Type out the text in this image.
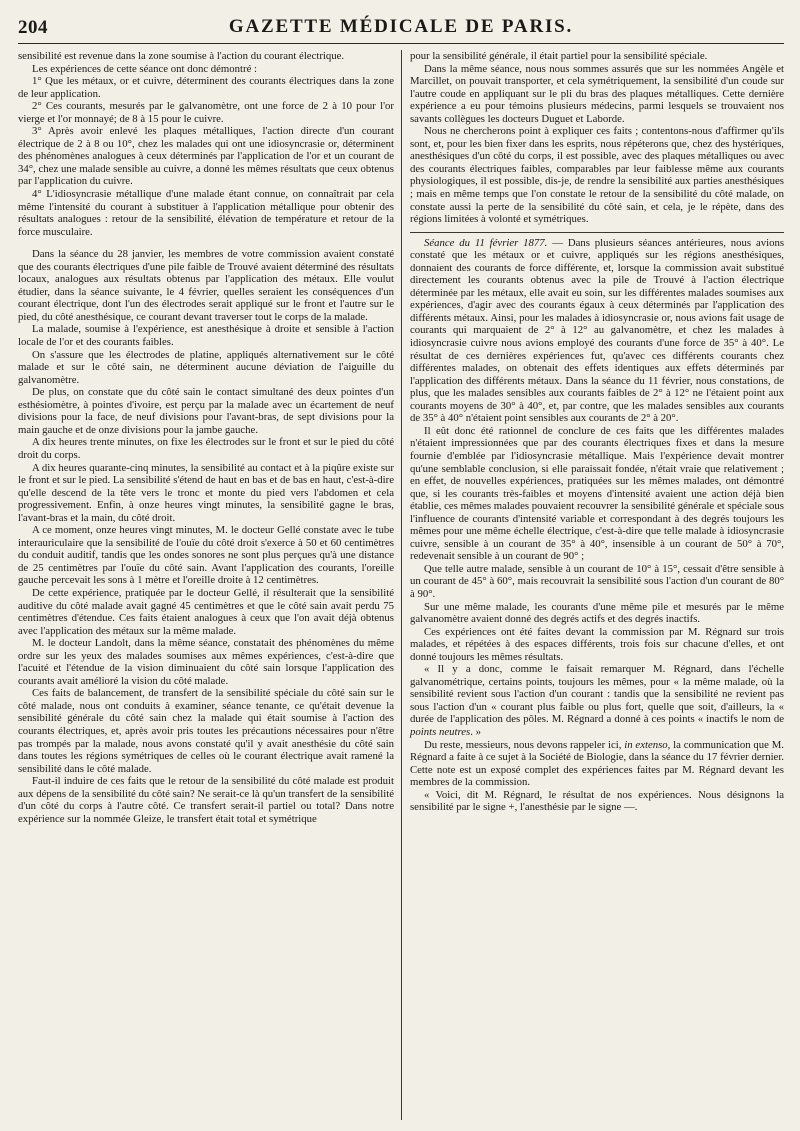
204	GAZETTE MÉDICALE DE PARIS.

sensibilité est revenue dans la zone soumise à l'action du courant électrique.

Les expériences de cette séance ont donc démontré :

1° Que les métaux, or et cuivre, déterminent des courants électriques dans la zone de leur application.

2° Ces courants, mesurés par le galvanomètre, ont une force de 2 à 10 pour l'or vierge et l'or monnayé; de 8 à 15 pour le cuivre.

3° Après avoir enlevé les plaques métalliques, l'action directe d'un courant électrique de 2 à 8 ou 10°, chez les malades qui ont une idiosyncrasie or, déterminent des phénomènes analogues à ceux déterminés par l'application de l'or et un courant de 34°, chez une malade sensible au cuivre, a donné les mêmes résultats que ceux obtenus par l'application du cuivre.

4° L'idiosyncrasie métallique d'une malade étant connue, on connaîtrait par cela même l'intensité du courant à substituer à l'application métallique pour obtenir des résultats analogues : retour de la sensibilité, élévation de température et retour de la force musculaire.

Dans la séance du 28 janvier, les membres de votre commission avaient constaté que des courants électriques d'une pile faible de Trouvé avaient déterminé des résultats locaux, analogues aux résultats obtenus par l'application des métaux. Elle voulut étudier, dans la séance suivante, le 4 février, quelles seraient les conséquences d'un courant électrique, dont l'un des électrodes serait appliqué sur le front et l'autre sur le pied, du côté anesthésique, ce courant devant traverser tout le corps de la malade.

La malade, soumise à l'expérience, est anesthésique à droite et sensible à l'action locale de l'or et des courants faibles.

On s'assure que les électrodes de platine, appliqués alternativement sur le côté malade et sur le côté sain, ne déterminent aucune déviation de l'aiguille du galvanomètre.

De plus, on constate que du côté sain le contact simultané des deux pointes d'un esthésiomètre, à pointes d'ivoire, est perçu par la malade avec un écartement de neuf divisions pour la face, de neuf divisions pour l'avant-bras, de sept divisions pour la main gauche et de onze divisions pour la jambe gauche.

A dix heures trente minutes, on fixe les électrodes sur le front et sur le pied du côté droit du corps.

A dix heures quarante-cinq minutes, la sensibilité au contact et à la piqûre existe sur le front et sur le pied. La sensibilité s'étend de haut en bas et de bas en haut, c'est-à-dire qu'elle descend de la tête vers le tronc et monte du pied vers l'abdomen et cela progressivement. Enfin, à onze heures vingt minutes, la sensibilité gagne le bras, l'avant-bras et la main, du côté droit.

A ce moment, onze heures vingt minutes, M. le docteur Gellé constate avec le tube interauriculaire que la sensibilité de l'ouïe du côté droit s'exerce à 50 et 60 centimètres du conduit auditif, tandis que les ondes sonores ne sont plus perçues qu'à une distance de 25 centimètres par l'ouïe du côté sain. Avant l'application des courants, l'oreille gauche percevait les sons à 1 mètre et l'oreille droite à 12 centimètres.

De cette expérience, pratiquée par le docteur Gellé, il résulterait que la sensibilité auditive du côté malade avait gagné 45 centimètres et que le côté sain avait perdu 75 centimètres d'étendue. Ces faits étaient analogues à ceux que l'on avait déjà obtenus avec l'application des métaux sur la même malade.

M. le docteur Landolt, dans la même séance, constatait des phénomènes du même ordre sur les yeux des malades soumises aux mêmes expériences, c'est-à-dire que l'acuité et l'étendue de la vision diminuaient du côté sain lorsque l'application des courants avait amélioré la vision du côté malade.

Ces faits de balancement, de transfert de la sensibilité spéciale du côté sain sur le côté malade, nous ont conduits à examiner, séance tenante, ce qu'était devenue la sensibilité générale du côté sain chez la malade qui était soumise à l'action des courants électriques, et, après avoir pris toutes les précautions nécessaires pour n'être pas trompés par la malade, nous avons constaté qu'il y avait anesthésie du côté sain dans toutes les régions symétriques de celles où le courant électrique avait ramené la sensibilité dans le côté malade.

Faut-il induire de ces faits que le retour de la sensibilité du côté malade est produit aux dépens de la sensibilité du côté sain? Ne serait-ce là qu'un transfert de la sensibilité d'un côté du corps à l'autre côté. Ce transfert serait-il partiel ou total? Dans notre expérience sur la nommée Gleize, le transfert était total et symétrique

pour la sensibilité générale, il était partiel pour la sensibilité spéciale.

Dans la même séance, nous nous sommes assurés que sur les nommées Angèle et Marcillet, on pouvait transporter, et cela symétriquement, la sensibilité d'un coude sur l'autre coude en appliquant sur le pli du bras des plaques métalliques. Cette dernière expérience a eu pour témoins plusieurs médecins, parmi lesquels se trouvaient nos savants collègues les docteurs Duguet et Laborde.

Nous ne chercherons point à expliquer ces faits ; contentons-nous d'affirmer qu'ils sont, et, pour les bien fixer dans les esprits, nous répéterons que, chez des hystériques, anesthésiques d'un côté du corps, il est possible, avec des plaques métalliques ou avec des courants électriques faibles, comparables par leur faiblesse même aux courants physiologiques, il est possible, dis-je, de rendre la sensibilité aux parties anesthésiques ; mais en même temps que l'on constate le retour de la sensibilité du côté malade, on constate aussi la perte de la sensibilité du côté sain, et cela, je le répète, dans des régions limitées à volonté et symétriques.

Séance du 11 février 1877. — Dans plusieurs séances antérieures, nous avions constaté que les métaux or et cuivre, appliqués sur les régions anesthésiques, donnaient des courants de force différente, et, lorsque la commission avait substitué directement les courants obtenus avec la pile de Trouvé à l'action électrique déterminée par les métaux, elle avait eu soin, sur les différentes malades soumises aux expériences, d'agir avec des courants égaux à ceux déterminés par l'application des différents métaux. Ainsi, pour les malades à idiosyncrasie or, nous avions fait usage de courants qui marquaient de 2° à 12° au galvanomètre, et chez les malades à idiosyncrasie cuivre nous avions employé des courants d'une force de 35° à 40°. Le résultat de ces dernières expériences fut, qu'avec ces différents courants chez différentes malades, on obtenait des effets identiques aux effets déterminés par l'application des différents métaux. Dans la séance du 11 février, nous constations, de plus, que les malades sensibles aux courants faibles de 2° à 12° ne l'étaient point aux courants moyens de 30° à 40°, et, par contre, que les malades sensibles aux courants de 35° à 40° n'étaient point sensibles aux courants de 2° à 20°.

Il eût donc été rationnel de conclure de ces faits que les différentes malades n'étaient impressionnées que par des courants électriques fixes et dans la mesure fournie d'emblée par l'idiosyncrasie métallique. Mais l'expérience devait montrer qu'une semblable conclusion, si elle paraissait fondée, n'était vraie que relativement ; en effet, de nouvelles expériences, pratiquées sur les mêmes malades, ont démontré que, si les courants très-faibles et moyens d'intensité avaient une action déjà bien établie, ces mêmes malades pouvaient recouvrer la sensibilité générale et spéciale sous l'influence de courants d'intensité variable et correspondant à des degrés toujours les mêmes pour une même échelle électrique, c'est-à-dire que telle malade à idiosyncrasie cuivre, sensible à un courant de 35° à 40°, insensible à un courant de 50° à 70°, redevenait sensible à un courant de 90° ;

Que telle autre malade, sensible à un courant de 10° à 15°, cessait d'être sensible à un courant de 45° à 60°, mais recouvrait la sensibilité sous l'action d'un courant de 80° à 90°.

Sur une même malade, les courants d'une même pile et mesurés par le même galvanomètre avaient donné des degrés actifs et des degrés inactifs.

Ces expériences ont été faites devant la commission par M. Régnard sur trois malades, et répétées à des espaces différents, trois fois sur chacune d'elles, et ont donné toujours les mêmes résultats.

« Il y a donc, comme le faisait remarquer M. Régnard, dans l'échelle galvanométrique, certains points, toujours les mêmes, pour « la même malade, où la sensibilité revient sous l'action d'un courant : tandis que la sensibilité ne revient pas sous l'action d'un « courant plus faible ou plus fort, quelle que soit, d'ailleurs, la « durée de l'application des pôles. M. Régnard a donné à ces points « inactifs le nom de points neutres. »

Du reste, messieurs, nous devons rappeler ici, in extenso, la communication que M. Régnard a faite à ce sujet à la Société de Biologie, dans la séance du 17 février dernier. Cette note est un exposé complet des expériences faites par M. Régnard devant les membres de la commission.

« Voici, dit M. Régnard, le résultat de nos expériences. Nous désignons la sensibilité par le signe +, l'anesthésie par le signe —.
